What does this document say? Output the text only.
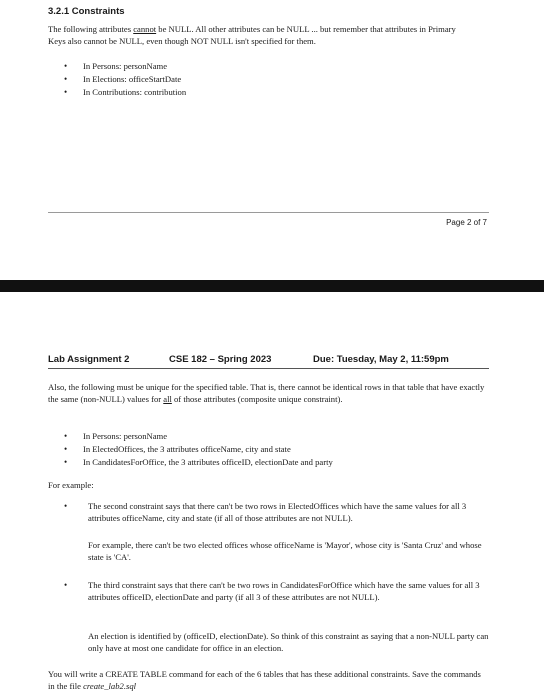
3.2.1 Constraints
The following attributes cannot be NULL. All other attributes can be NULL ... but remember that attributes in Primary Keys also cannot be NULL, even though NOT NULL isn't specified for them.
• In Persons: personName
• In Elections: officeStartDate
• In Contributions: contribution
Page 2 of 7
Lab Assignment 2	CSE 182 – Spring 2023	Due: Tuesday, May 2, 11:59pm
Also, the following must be unique for the specified table. That is, there cannot be identical rows in that table that have exactly the same (non-NULL) values for all of those attributes (composite unique constraint).
• In Persons: personName
• In ElectedOffices, the 3 attributes officeName, city and state
• In CandidatesForOffice, the 3 attributes officeID, electionDate and party
For example:
• The second constraint says that there can't be two rows in ElectedOffices which have the same values for all 3 attributes officeName, city and state (if all of those attributes are not NULL).
For example, there can't be two elected offices whose officeName is 'Mayor', whose city is 'Santa Cruz' and whose state is 'CA'.
• The third constraint says that there can't be two rows in CandidatesForOffice which have the same values for all 3 attributes officeID, electionDate and party (if all 3 of these attributes are not NULL).
An election is identified by (officeID, electionDate). So think of this constraint as saying that a non-NULL party can only have at most one candidate for office in an election.
You will write a CREATE TABLE command for each of the 6 tables that has these additional constraints. Save the commands in the file create_lab2.sql
